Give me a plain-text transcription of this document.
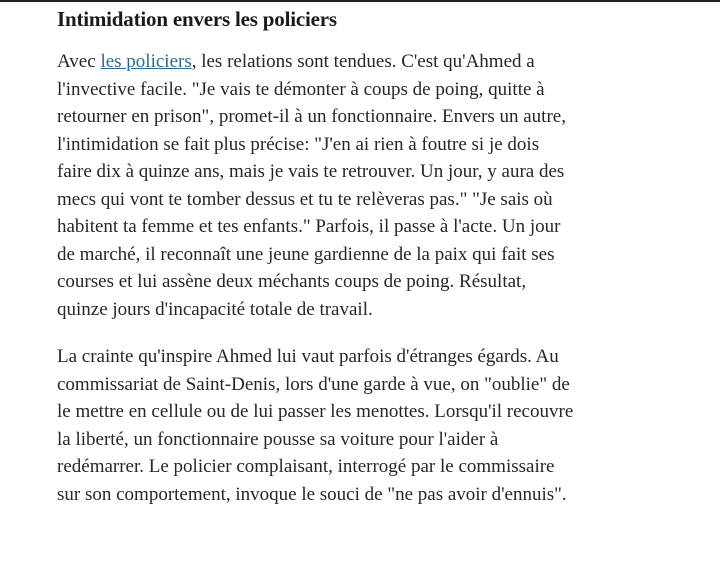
Intimidation envers les policiers

Avec les policiers, les relations sont tendues. C'est qu'Ahmed a l'invective facile. "Je vais te démonter à coups de poing, quitte à retourner en prison", promet-il à un fonctionnaire. Envers un autre, l'intimidation se fait plus précise: "J'en ai rien à foutre si je dois faire dix à quinze ans, mais je vais te retrouver. Un jour, y aura des mecs qui vont te tomber dessus et tu te relèveras pas." "Je sais où habitent ta femme et tes enfants." Parfois, il passe à l'acte. Un jour de marché, il reconnaît une jeune gardienne de la paix qui fait ses courses et lui assène deux méchants coups de poing. Résultat, quinze jours d'incapacité totale de travail.

La crainte qu'inspire Ahmed lui vaut parfois d'étranges égards. Au commissariat de Saint-Denis, lors d'une garde à vue, on "oublie" de le mettre en cellule ou de lui passer les menottes. Lorsqu'il recouvre la liberté, un fonctionnaire pousse sa voiture pour l'aider à redémarrer. Le policier complaisant, interrogé par le commissaire sur son comportement, invoque le souci de "ne pas avoir d'ennuis".
